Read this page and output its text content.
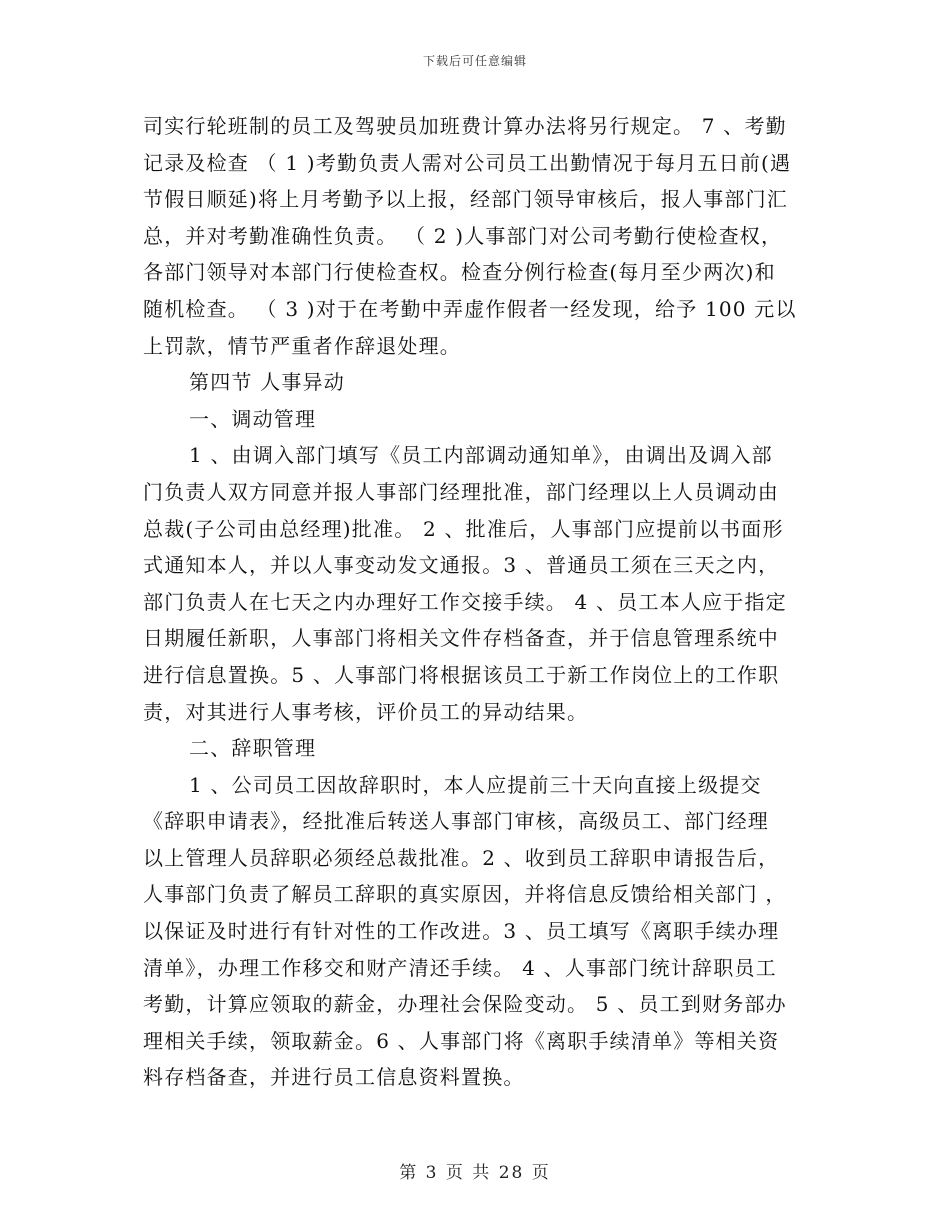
下载后可任意编辑

司实行轮班制的员工及驾驶员加班费计算办法将另行规定。 7 、考勤
记录及检查 （ 1 )考勤负责人需对公司员工出勤情况于每月五日前(遇
节假日顺延)将上月考勤予以上报，经部门领导审核后，报人事部门汇
总，并对考勤准确性负责。 （ 2 )人事部门对公司考勤行使检查权，
各部门领导对本部门行使检查权。检查分例行检查(每月至少两次)和
随机检查。 （ 3 )对于在考勤中弄虚作假者一经发现，给予 100 元以
上罚款，情节严重者作辞退处理。

第四节 人事异动

一、调动管理

1 、由调入部门填写《员工内部调动通知单》，由调出及调入部
门负责人双方同意并报人事部门经理批准，部门经理以上人员调动由
总裁(子公司由总经理)批准。 2 、批准后，人事部门应提前以书面形
式通知本人，并以人事变动发文通报。3 、普通员工须在三天之内，
部门负责人在七天之内办理好工作交接手续。 4 、员工本人应于指定
日期履任新职，人事部门将相关文件存档备查，并于信息管理系统中
进行信息置换。5 、人事部门将根据该员工于新工作岗位上的工作职
责，对其进行人事考核，评价员工的异动结果。

二、辞职管理

1 、公司员工因故辞职时，本人应提前三十天向直接上级提交
《辞职申请表》，经批准后转送人事部门审核，高级员工、部门经理
以上管理人员辞职必须经总裁批准。2 、收到员工辞职申请报告后，
人事部门负责了解员工辞职的真实原因，并将信息反馈给相关部门 ，
以保证及时进行有针对性的工作改进。3 、员工填写《离职手续办理
清单》，办理工作移交和财产清还手续。 4 、人事部门统计辞职员工
考勤，计算应领取的薪金，办理社会保险变动。 5 、员工到财务部办
理相关手续，领取薪金。6 、人事部门将《离职手续清单》等相关资
料存档备查，并进行员工信息资料置换。

第 3 页 共 28 页
